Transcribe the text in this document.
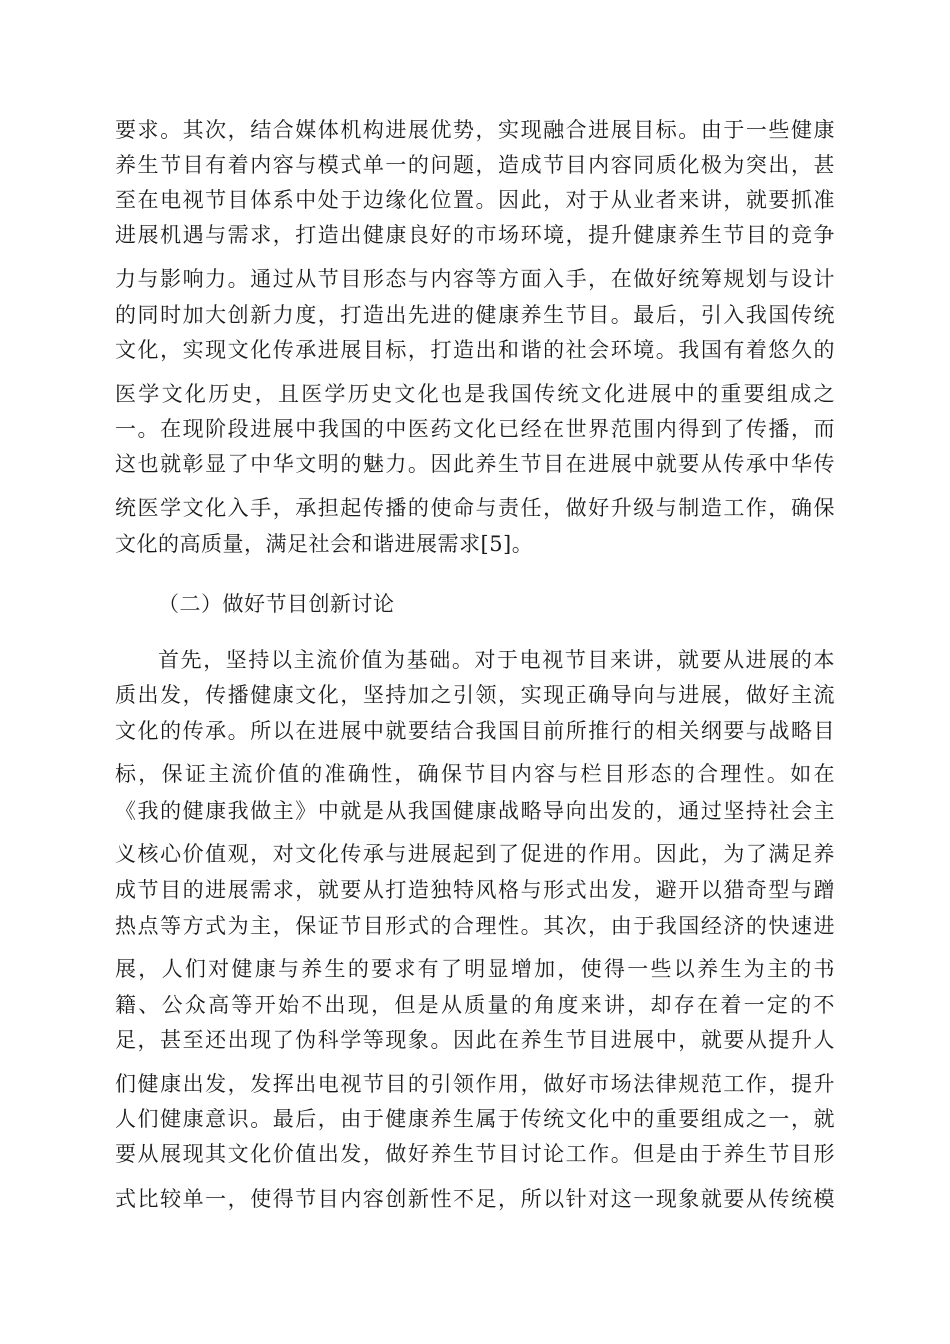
要求。其次，结合媒体机构进展优势，实现融合进展目标。由于一些健康
养生节目有着内容与模式单一的问题，造成节目内容同质化极为突出，甚
至在电视节目体系中处于边缘化位置。因此，对于从业者来讲，就要抓准
进展机遇与需求，打造出健康良好的市场环境，提升健康养生节目的竞争
力与影响力。通过从节目形态与内容等方面入手，在做好统筹规划与设计
的同时加大创新力度，打造出先进的健康养生节目。最后，引入我国传统
文化，实现文化传承进展目标，打造出和谐的社会环境。我国有着悠久的
医学文化历史，且医学历史文化也是我国传统文化进展中的重要组成之
一。在现阶段进展中我国的中医药文化已经在世界范围内得到了传播，而
这也就彰显了中华文明的魅力。因此养生节目在进展中就要从传承中华传
统医学文化入手，承担起传播的使命与责任，做好升级与制造工作，确保
文化的高质量，满足社会和谐进展需求[5]。
（二）做好节目创新讨论
首先，坚持以主流价值为基础。对于电视节目来讲，就要从进展的本
质出发，传播健康文化，坚持加之引领，实现正确导向与进展，做好主流
文化的传承。所以在进展中就要结合我国目前所推行的相关纲要与战略目
标，保证主流价值的准确性，确保节目内容与栏目形态的合理性。如在
《我的健康我做主》中就是从我国健康战略导向出发的，通过坚持社会主
义核心价值观，对文化传承与进展起到了促进的作用。因此，为了满足养
成节目的进展需求，就要从打造独特风格与形式出发，避开以猎奇型与蹭
热点等方式为主，保证节目形式的合理性。其次，由于我国经济的快速进
展，人们对健康与养生的要求有了明显增加，使得一些以养生为主的书
籍、公众高等开始不出现，但是从质量的角度来讲，却存在着一定的不
足，甚至还出现了伪科学等现象。因此在养生节目进展中，就要从提升人
们健康出发，发挥出电视节目的引领作用，做好市场法律规范工作，提升
人们健康意识。最后，由于健康养生属于传统文化中的重要组成之一，就
要从展现其文化价值出发，做好养生节目讨论工作。但是由于养生节目形
式比较单一，使得节目内容创新性不足，所以针对这一现象就要从传统模
